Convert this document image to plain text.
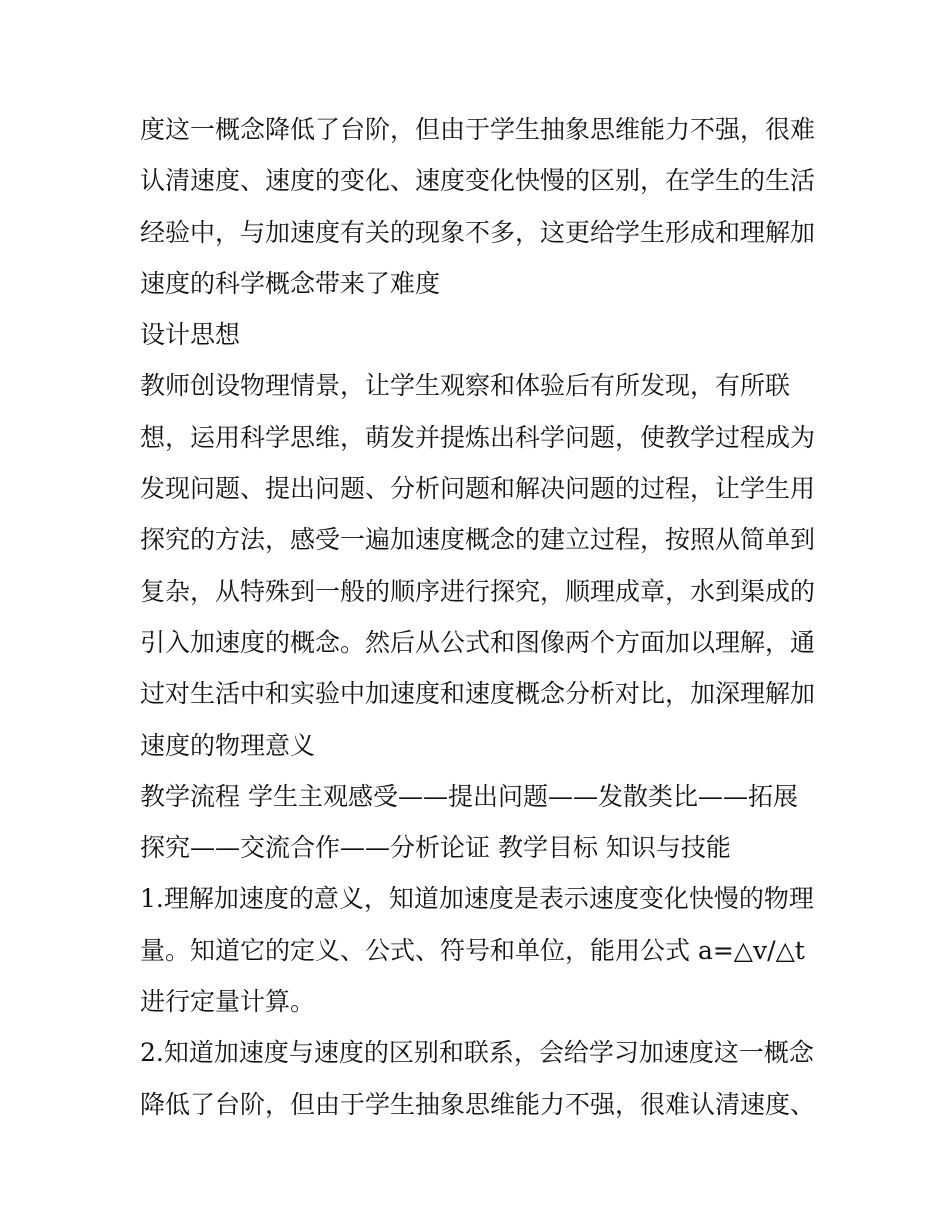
度这一概念降低了台阶，但由于学生抽象思维能力不强，很难
认清速度、速度的变化、速度变化快慢的区别，在学生的生活
经验中，与加速度有关的现象不多，这更给学生形成和理解加
速度的科学概念带来了难度
设计思想
教师创设物理情景，让学生观察和体验后有所发现，有所联
想，运用科学思维，萌发并提炼出科学问题，使教学过程成为
发现问题、提出问题、分析问题和解决问题的过程，让学生用
探究的方法，感受一遍加速度概念的建立过程，按照从简单到
复杂，从特殊到一般的顺序进行探究，顺理成章，水到渠成的
引入加速度的概念。然后从公式和图像两个方面加以理解，通
过对生活中和实验中加速度和速度概念分析对比，加深理解加
速度的物理意义
教学流程 学生主观感受——提出问题——发散类比——拓展
探究——交流合作——分析论证 教学目标 知识与技能
1.理解加速度的意义，知道加速度是表示速度变化快慢的物理
量。知道它的定义、公式、符号和单位，能用公式 a=△v/△t
进行定量计算。
2.知道加速度与速度的区别和联系，会给学习加速度这一概念
降低了台阶，但由于学生抽象思维能力不强，很难认清速度、
